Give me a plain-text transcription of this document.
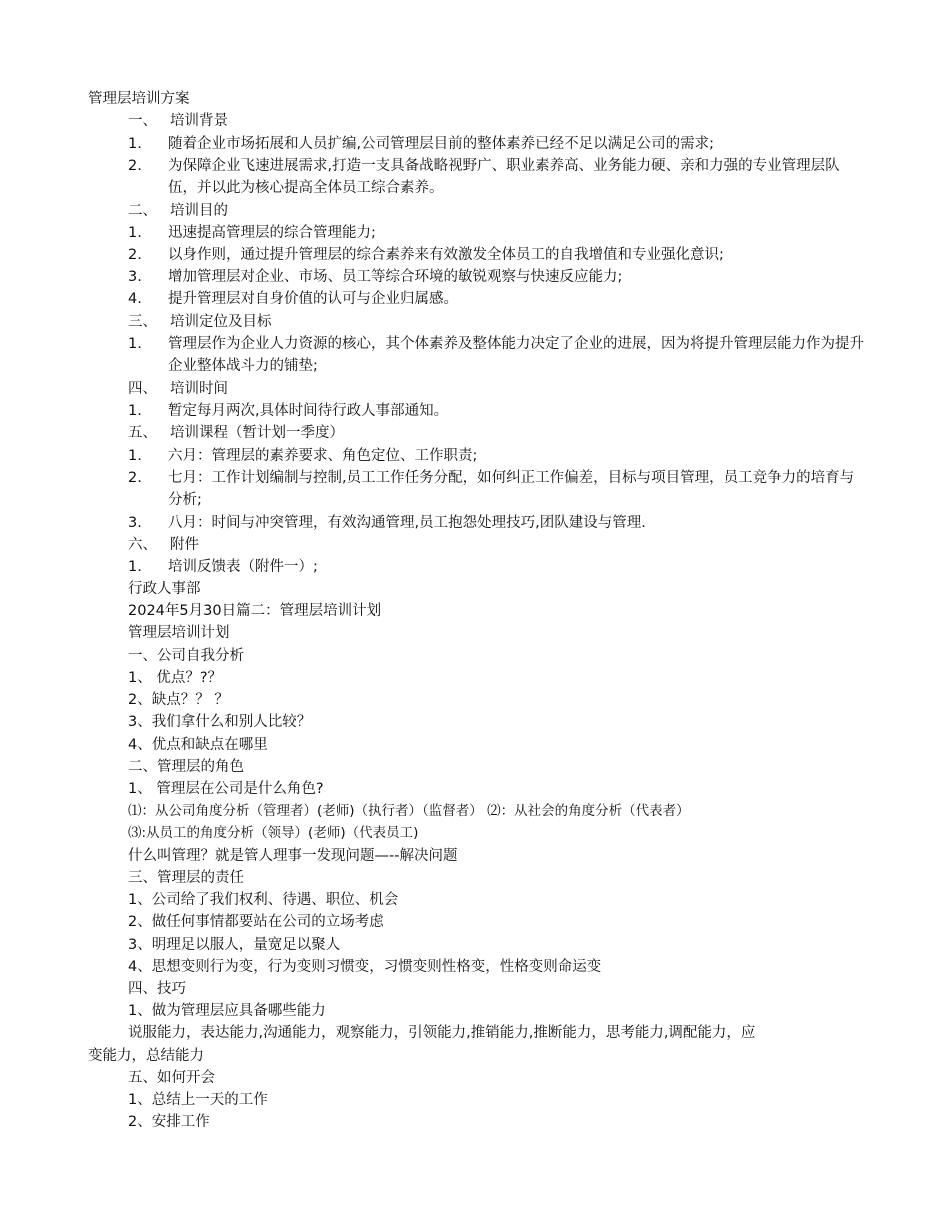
管理层培训方案
一、 培训背景
1.	随着企业市场拓展和人员扩编,公司管理层目前的整体素养已经不足以满足公司的需求;
2.	为保障企业飞速进展需求,打造一支具备战略视野广、职业素养高、业务能力硬、亲和力强的专业管理层队伍，并以此为核心提高全体员工综合素养。
二、 培训目的
1.	迅速提高管理层的综合管理能力;
2.	以身作则，通过提升管理层的综合素养来有效激发全体员工的自我增值和专业强化意识;
3.	增加管理层对企业、市场、员工等综合环境的敏锐观察与快速反应能力;
4.	提升管理层对自身价值的认可与企业归属感。
三、 培训定位及目标
1.	管理层作为企业人力资源的核心，其个体素养及整体能力决定了企业的进展，因为将提升管理层能力作为提升企业整体战斗力的铺垫;
四、 培训时间
1.	暂定每月两次,具体时间待行政人事部通知。
五、 培训课程（暂计划一季度）
1.	六月：管理层的素养要求、角色定位、工作职责;
2.	七月：工作计划编制与控制,员工工作任务分配，如何纠正工作偏差，目标与项目管理，员工竞争力的培育与分析;
3.	八月：时间与冲突管理，有效沟通管理,员工抱怨处理技巧,团队建设与管理.
六、 附件
1.	培训反馈表（附件一）;
行政人事部
2024年5月30日篇二：管理层培训计划
管理层培训计划
一、公司自我分析
1、 优点？?？
2、缺点？？ ？
3、我们拿什么和别人比较？
4、优点和缺点在哪里
二、管理层的角色
1、 管理层在公司是什么角色?
⑴：从公司角度分析（管理者）(老师)（执行者）（监督者） ⑵：从社会的角度分析（代表者）
⑶:从员工的角度分析（领导）(老师)（代表员工)
什么叫管理？就是管人理事一发现问题—--解决问题
三、管理层的责任
1、公司给了我们权利、待遇、职位、机会
2、做任何事情都要站在公司的立场考虑
3、明理足以服人，量宽足以聚人
4、思想变则行为变，行为变则习惯变，习惯变则性格变，性格变则命运变
四、技巧
1、做为管理层应具备哪些能力
说服能力，表达能力,沟通能力，观察能力，引领能力,推销能力,推断能力，思考能力,调配能力，应
变能力，总结能力
五、如何开会
1、总结上一天的工作
2、安排工作
